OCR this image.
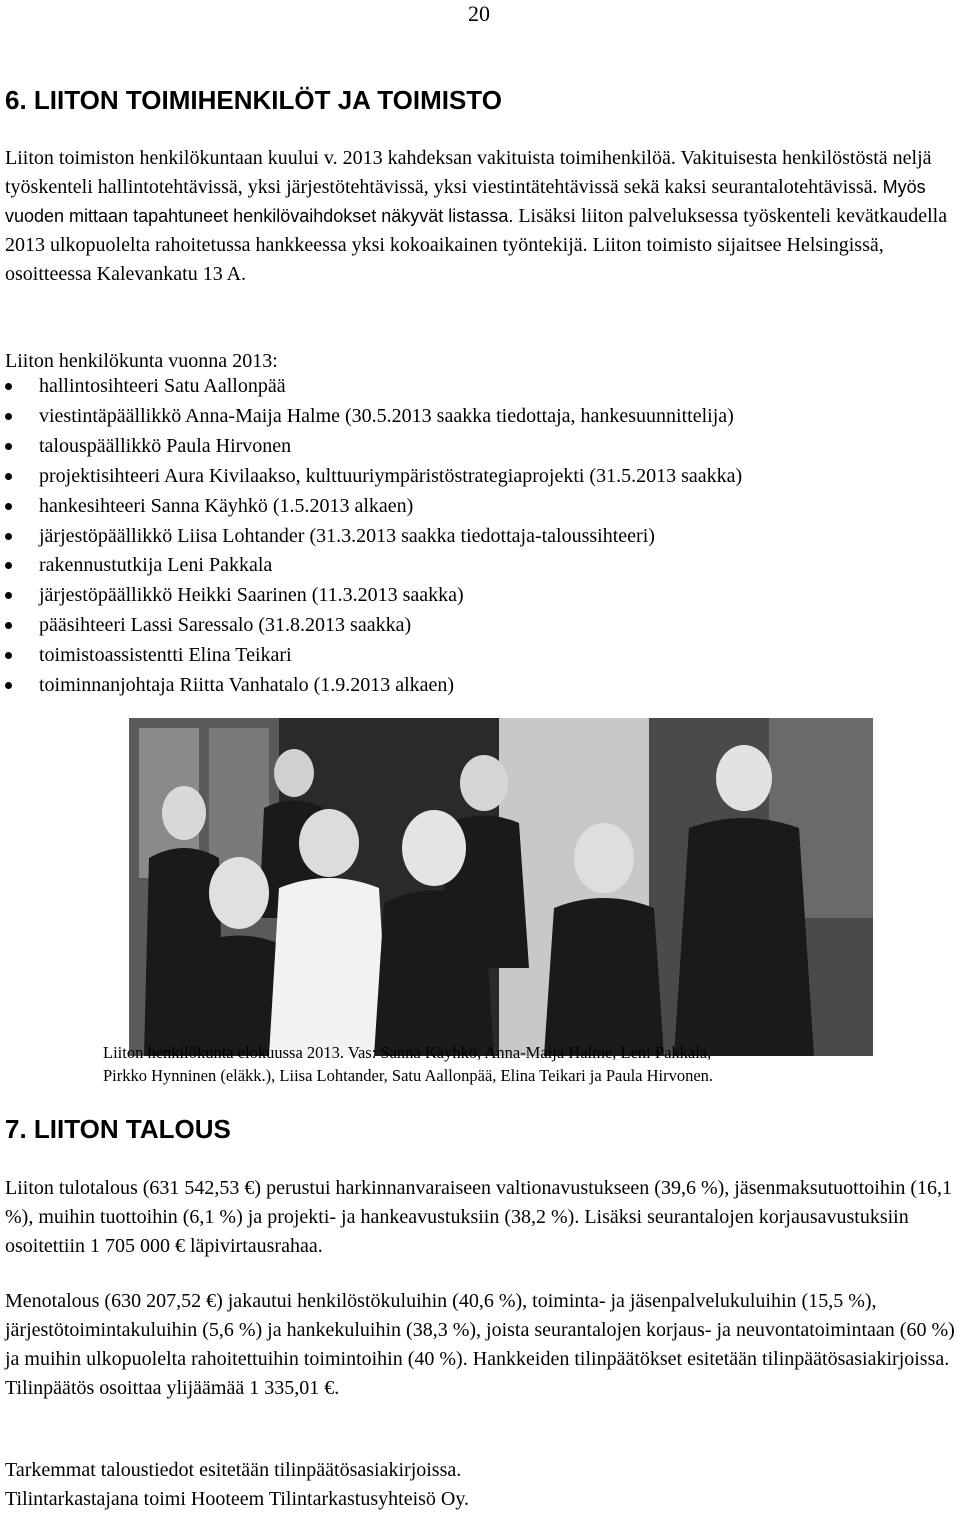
20
6. LIITON TOIMIHENKILÖT JA TOIMISTO

Liiton toimiston henkilökuntaan kuului v. 2013 kahdeksan vakituista toimihenkilöä. Vakituisesta henkilöstöstä neljä työskenteli hallintotehtävissä, yksi järjestötehtävissä, yksi viestintätehtävissä sekä kaksi seurantalotehtävissä. Myös vuoden mittaan tapahtuneet henkilövaihdokset näkyvät listassa. Lisäksi liiton palveluksessa työskenteli kevätkaudella 2013 ulkopuolelta rahoitetussa hankkeessa yksi kokoaikainen työntekijä. Liiton toimisto sijaitsee Helsingissä, osoitteessa Kalevankatu 13 A.

Liiton henkilökunta vuonna 2013:

hallintosihteeri Satu Aallonpää
viestintäpäällikkö Anna-Maija Halme (30.5.2013 saakka tiedottaja, hankesuunnittelija)
talouspäällikkö Paula Hirvonen
projektisihteeri Aura Kivilaakso, kulttuuriympäristöstrategiaprojekti (31.5.2013 saakka)
hankesihteeri Sanna Käyhkö (1.5.2013 alkaen)
järjestöpäällikkö Liisa Lohtander (31.3.2013 saakka tiedottaja-taloussihteeri)
rakennustutkija Leni Pakkala
järjestöpäällikkö Heikki Saarinen (11.3.2013 saakka)
pääsihteeri Lassi Saressalo (31.8.2013 saakka)
toimistoassistentti Elina Teikari
toiminnanjohtaja Riitta Vanhatalo (1.9.2013 alkaen)
Liiton henkilökunta elokuussa 2013. Vas: Sanna Käyhkö, Anna-Maija Halme, Leni Pakkala,
Pirkko Hynninen (eläkk.), Liisa Lohtander, Satu Aallonpää, Elina Teikari ja Paula Hirvonen.
7. LIITON TALOUS

Liiton tulotalous (631 542,53 €) perustui harkinnanvaraiseen valtionavustukseen (39,6 %), jäsenmaksutuottoihin (16,1 %), muihin tuottoihin (6,1 %) ja projekti- ja hankeavustuksiin (38,2 %). Lisäksi seurantalojen korjausavustuksiin osoitettiin 1 705 000 € läpivirtausrahaa.

Menotalous (630 207,52 €) jakautui henkilöstökuluihin (40,6 %), toiminta- ja jäsenpalvelukuluihin (15,5 %), järjestötoimintakuluihin (5,6 %) ja hankekuluihin (38,3 %), joista seurantalojen korjaus- ja neuvontatoimintaan (60 %) ja muihin ulkopuolelta rahoitettuihin toimintoihin (40 %). Hankkeiden tilinpäätökset esitetään tilinpäätösasiakirjoissa. Tilinpäätös osoittaa ylijäämää 1 335,01 €.

Tarkemmat taloustiedot esitetään tilinpäätösasiakirjoissa.
Tilintarkastajana toimi Hooteem Tilintarkastusyhteisö Oy.
